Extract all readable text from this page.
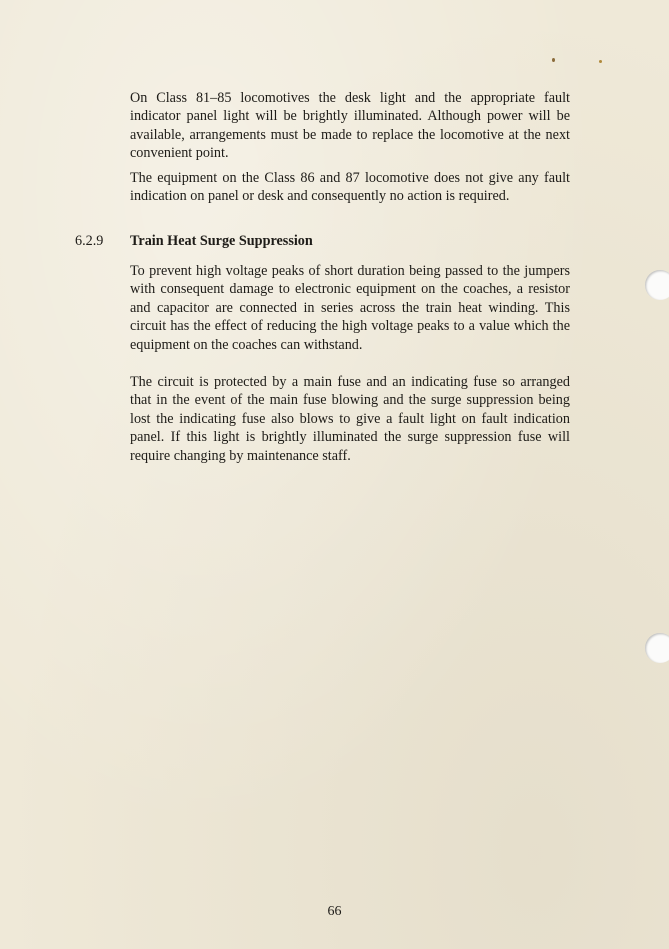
On Class 81–85 locomotives the desk light and the appropriate fault indicator panel light will be brightly illuminated. Although power will be available, arrangements must be made to replace the locomotive at the next convenient point.

The equipment on the Class 86 and 87 locomotive does not give any fault indication on panel or desk and consequently no action is required.

6.2.9 Train Heat Surge Suppression

To prevent high voltage peaks of short duration being passed to the jumpers with consequent damage to electronic equipment on the coaches, a resistor and capacitor are connected in series across the train heat winding. This circuit has the effect of reducing the high voltage peaks to a value which the equipment on the coaches can withstand.

The circuit is protected by a main fuse and an indicating fuse so arranged that in the event of the main fuse blowing and the surge suppression being lost the indicating fuse also blows to give a fault light on fault indication panel. If this light is brightly illuminated the surge suppression fuse will require changing by maintenance staff.

66
